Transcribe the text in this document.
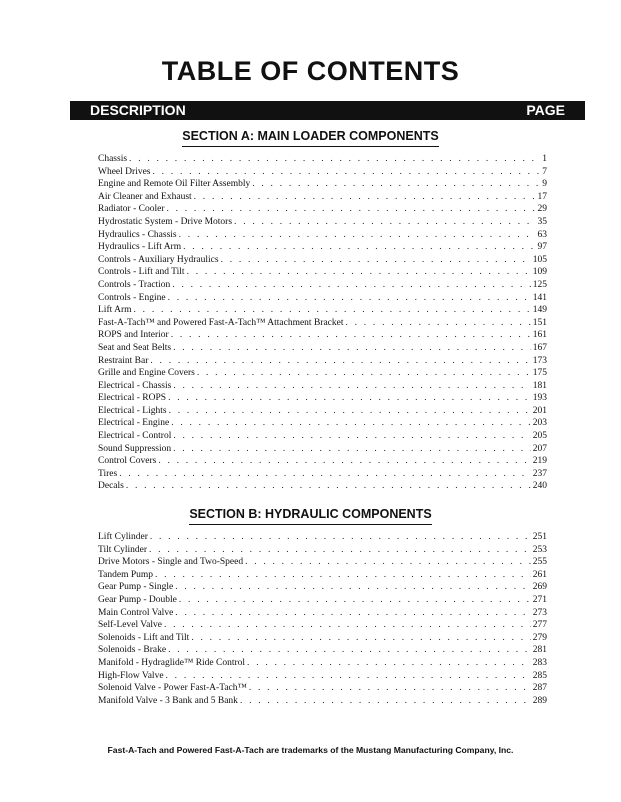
TABLE OF CONTENTS
DESCRIPTION	PAGE
SECTION A: MAIN LOADER COMPONENTS
Chassis . . .	1
Wheel Drives . . .	7
Engine and Remote Oil Filter Assembly . . .	9
Air Cleaner and Exhaust . . .	17
Radiator - Cooler . . .	29
Hydrostatic System - Drive Motors . . .	35
Hydraulics - Chassis . . .	63
Hydraulics - Lift Arm . . .	97
Controls - Auxiliary Hydraulics . . .	105
Controls - Lift and Tilt . . .	109
Controls - Traction . . .	125
Controls - Engine . . .	141
Lift Arm . . .	149
Fast-A-Tach™ and Powered Fast-A-Tach™ Attachment Bracket . . .	151
ROPS and Interior . . .	161
Seat and Seat Belts . . .	167
Restraint Bar . . .	173
Grille and Engine Covers . . .	175
Electrical - Chassis . . .	181
Electrical - ROPS . . .	193
Electrical - Lights . . .	201
Electrical - Engine . . .	203
Electrical - Control . . .	205
Sound Suppression . . .	207
Control Covers . . .	219
Tires . . .	237
Decals . . .	240
SECTION B: HYDRAULIC COMPONENTS
Lift Cylinder . . .	251
Tilt Cylinder . . .	253
Drive Motors - Single and Two-Speed . . .	255
Tandem Pump . . .	261
Gear Pump - Single . . .	269
Gear Pump - Double . . .	271
Main Control Valve . . .	273
Self-Level Valve . . .	277
Solenoids - Lift and Tilt . . .	279
Solenoids - Brake . . .	281
Manifold - Hydraglide™ Ride Control . . .	283
High-Flow Valve . . .	285
Solenoid Valve - Power Fast-A-Tach™ . . .	287
Manifold Valve - 3 Bank and 5 Bank . . .	289
Fast-A-Tach and Powered Fast-A-Tach are trademarks of the Mustang Manufacturing Company, Inc.
